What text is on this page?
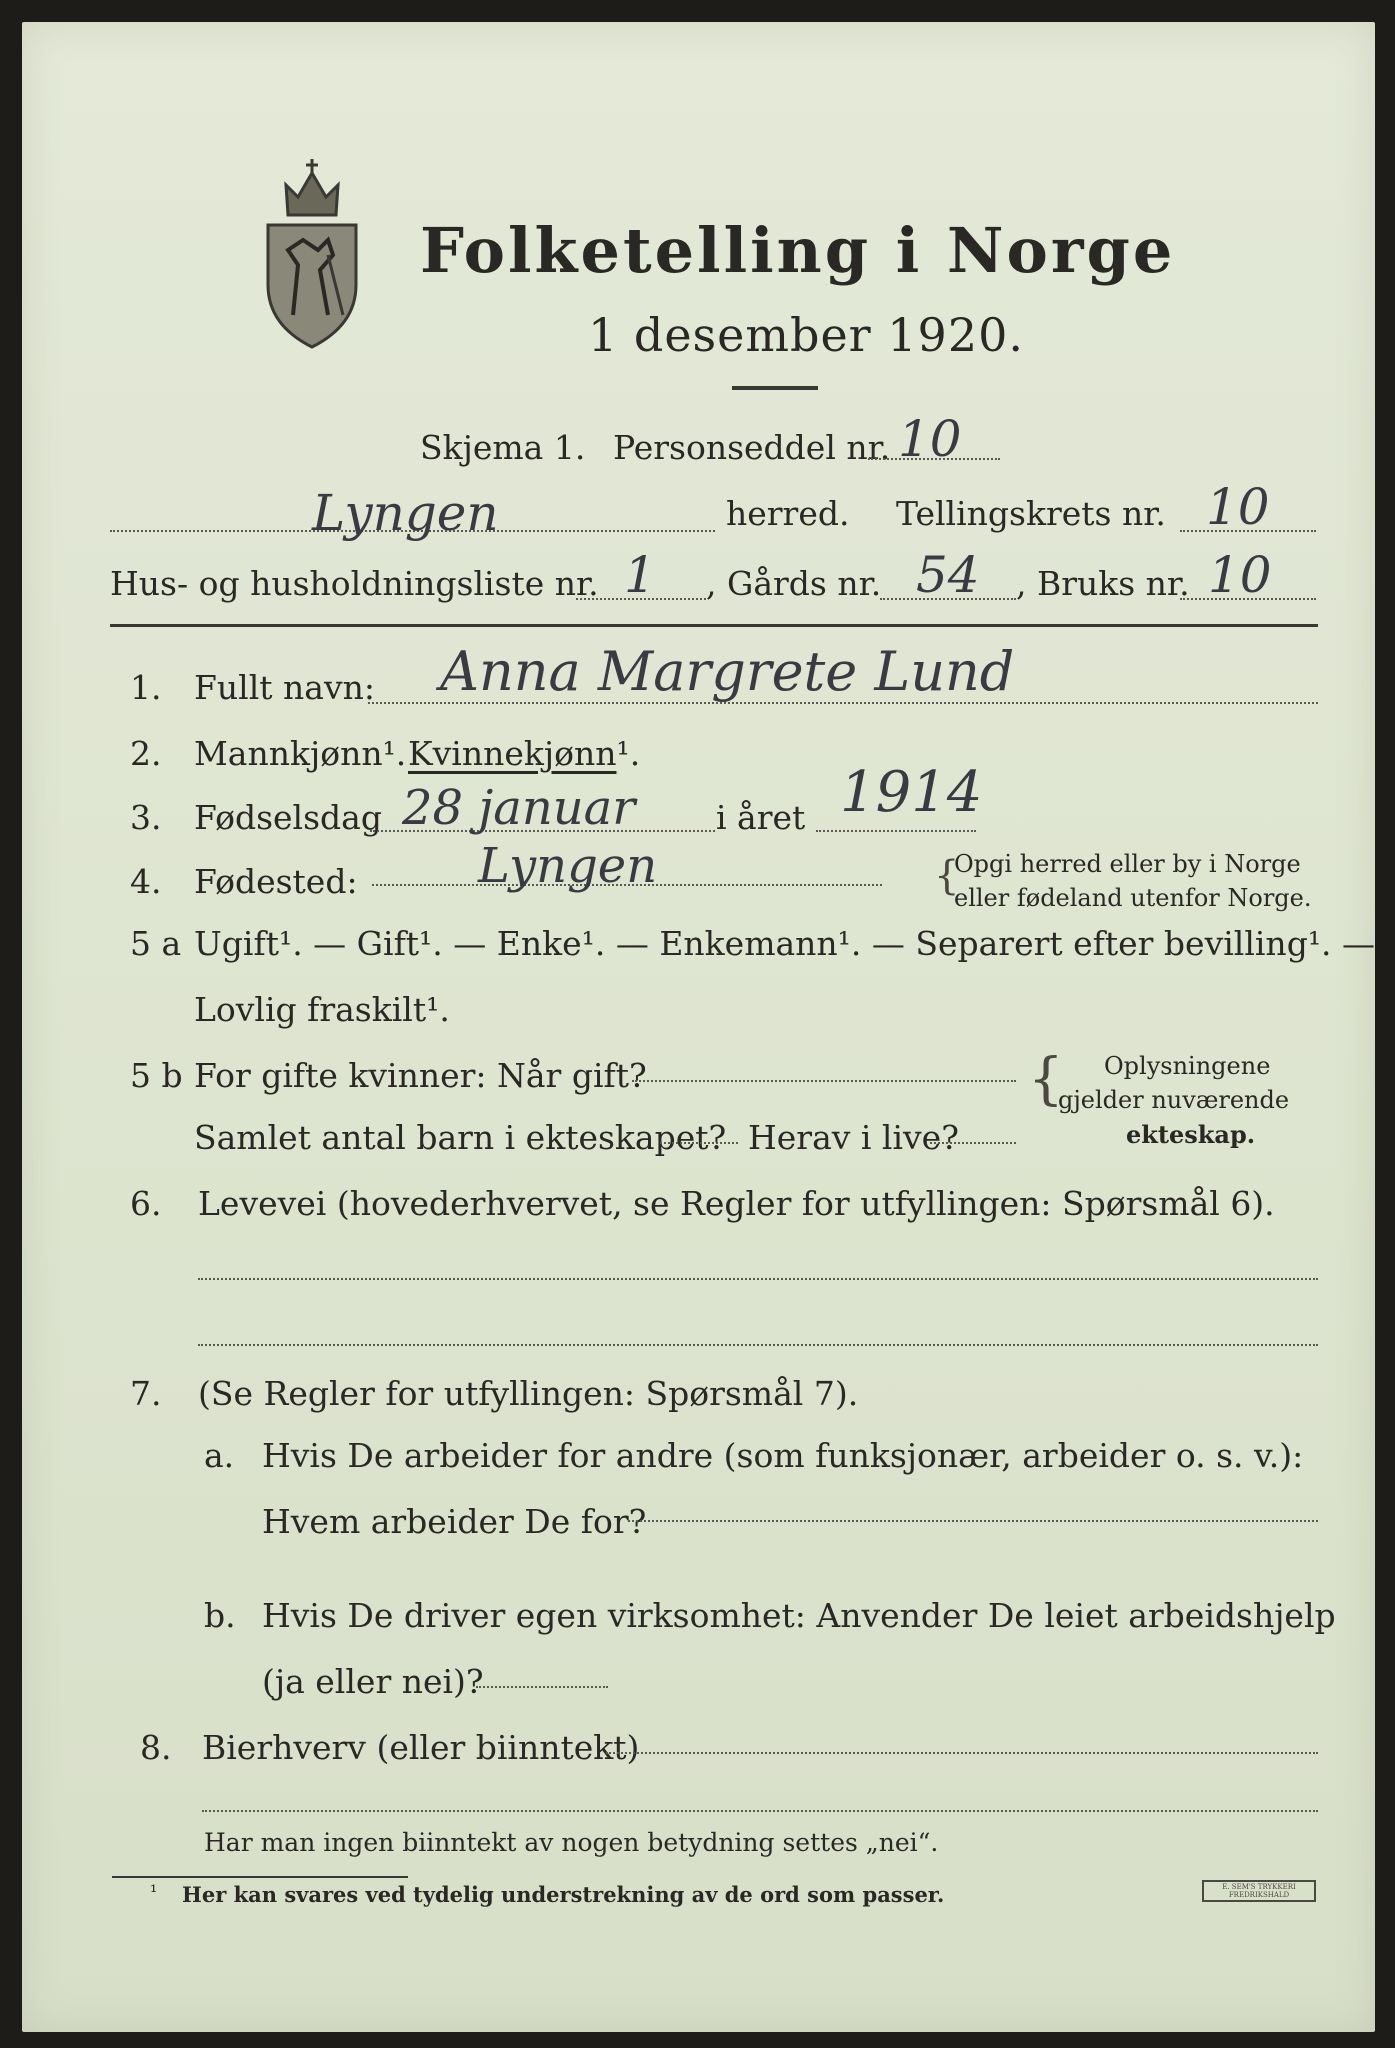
Folketelling i Norge
1 desember 1920.
Skjema 1. Personseddel nr. 10
Lyngen	herred. Tellingskrets nr. 10
Hus- og husholdningsliste nr. 1 , Gårds nr. 54 , Bruks nr. 10
1. Fullt navn: Anna Margrete Lund
2. Mannkjønn¹. Kvinnekjønn¹.
3. Fødselsdag 28 januar i året 1914
4. Fødested:	Lyngen	{
Opgi herred eller by i Norge
eller fødeland utenfor Norge.
5 a Ugift¹. — Gift¹. — Enke¹. — Enkemann¹. — Separert efter bevilling¹. —
Lovlig fraskilt¹.
5 b For gifte kvinner: Når gift?
Samlet antal barn i ekteskapet? Herav i live?
{ Oplysningene
gjelder nuværende
ekteskap.
6. Levevei (hovederhvervet, se Regler for utfyllingen: Spørsmål 6).
7. (Se Regler for utfyllingen: Spørsmål 7).
a. Hvis De arbeider for andre (som funksjonær, arbeider o. s. v.):
Hvem arbeider De for?
b. Hvis De driver egen virksomhet: Anvender De leiet arbeidshjelp
(ja eller nei)?
8. Bierhverv (eller biinntekt)
Har man ingen biinntekt av nogen betydning settes „nei“.
¹ Her kan svares ved tydelig understrekning av de ord som passer.	E. SEM'S TRYKKERI FREDRIKSHALD
